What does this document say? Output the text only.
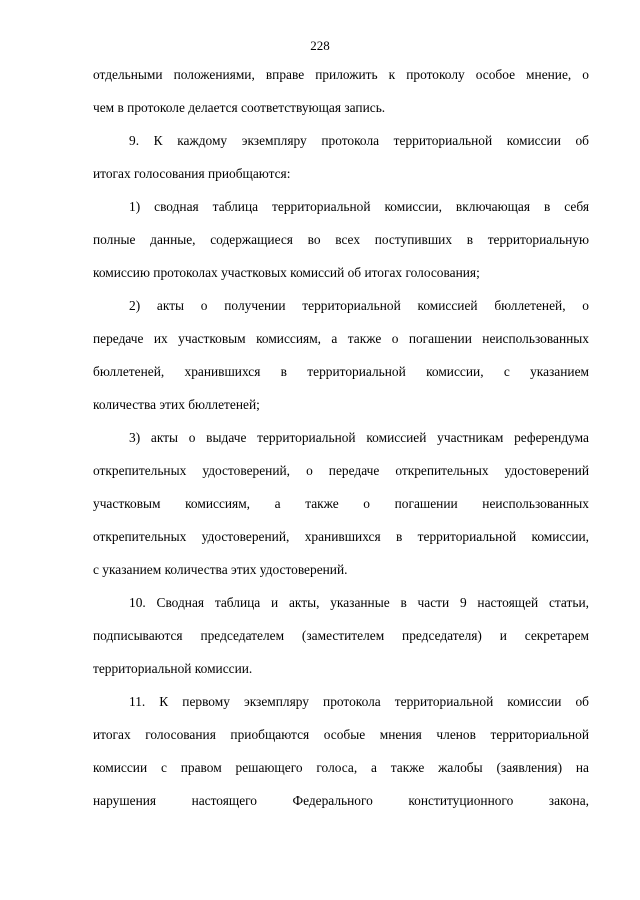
228
отдельными положениями, вправе приложить к протоколу особое мнение, о
чем в протоколе делается соответствующая запись.
9. К каждому экземпляру протокола территориальной комиссии об
итогах голосования приобщаются:
1) сводная таблица территориальной комиссии, включающая в себя
полные данные, содержащиеся во всех поступивших в территориальную
комиссию протоколах участковых комиссий об итогах голосования;
2) акты о получении территориальной комиссией бюллетеней, о
передаче их участковым комиссиям, а также о погашении неиспользованных
бюллетеней, хранившихся в территориальной комиссии, с указанием
количества этих бюллетеней;
3) акты о выдаче территориальной комиссией участникам референдума
открепительных удостоверений, о передаче открепительных удостоверений
участковым комиссиям, а также о погашении неиспользованных
открепительных удостоверений, хранившихся в территориальной комиссии,
с указанием количества этих удостоверений.
10. Сводная таблица и акты, указанные в части 9 настоящей статьи,
подписываются председателем (заместителем председателя) и секретарем
территориальной комиссии.
11. К первому экземпляру протокола территориальной комиссии об
итогах голосования приобщаются особые мнения членов территориальной
комиссии с правом решающего голоса, а также жалобы (заявления) на
нарушения настоящего Федерального конституционного закона,
